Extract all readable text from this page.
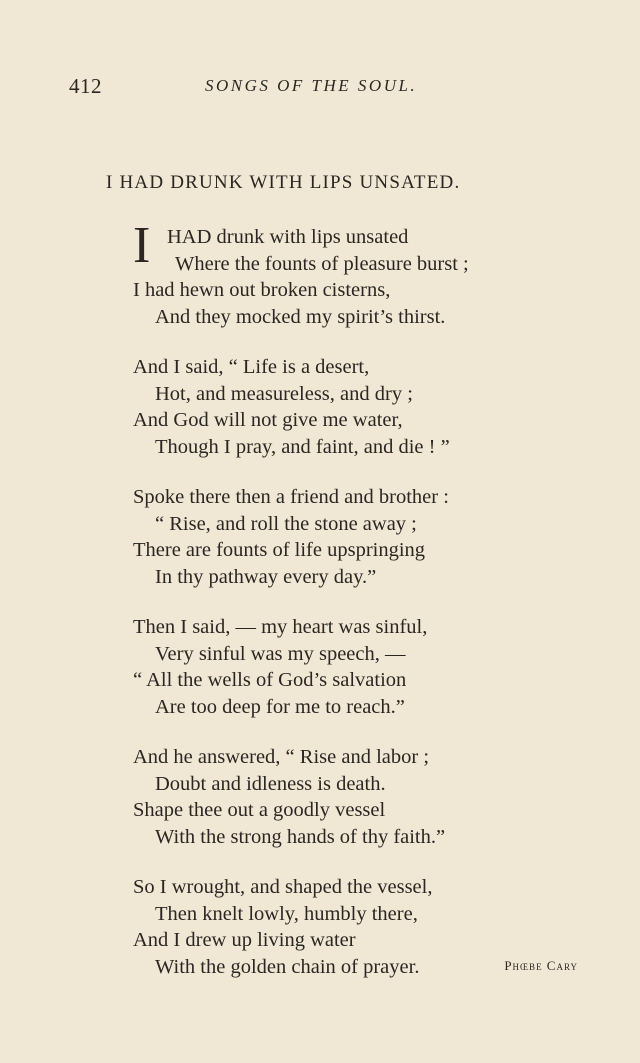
412	SONGS OF THE SOUL.
I HAD DRUNK WITH LIPS UNSATED.
I HAD drunk with lips unsated
Where the founts of pleasure burst ;
I had hewn out broken cisterns,
And they mocked my spirit’s thirst.
And I said, “ Life is a desert,
Hot, and measureless, and dry ;
And God will not give me water,
Though I pray, and faint, and die ! ”
Spoke there then a friend and brother :
“ Rise, and roll the stone away ;
There are founts of life upspringing
In thy pathway every day.”
Then I said, — my heart was sinful,
Very sinful was my speech, —
“ All the wells of God’s salvation
Are too deep for me to reach.”
And he answered, “ Rise and labor ;
Doubt and idleness is death.
Shape thee out a goodly vessel
With the strong hands of thy faith.”
So I wrought, and shaped the vessel,
Then knelt lowly, humbly there,
And I drew up living water
With the golden chain of prayer.	Phœbe Cary
